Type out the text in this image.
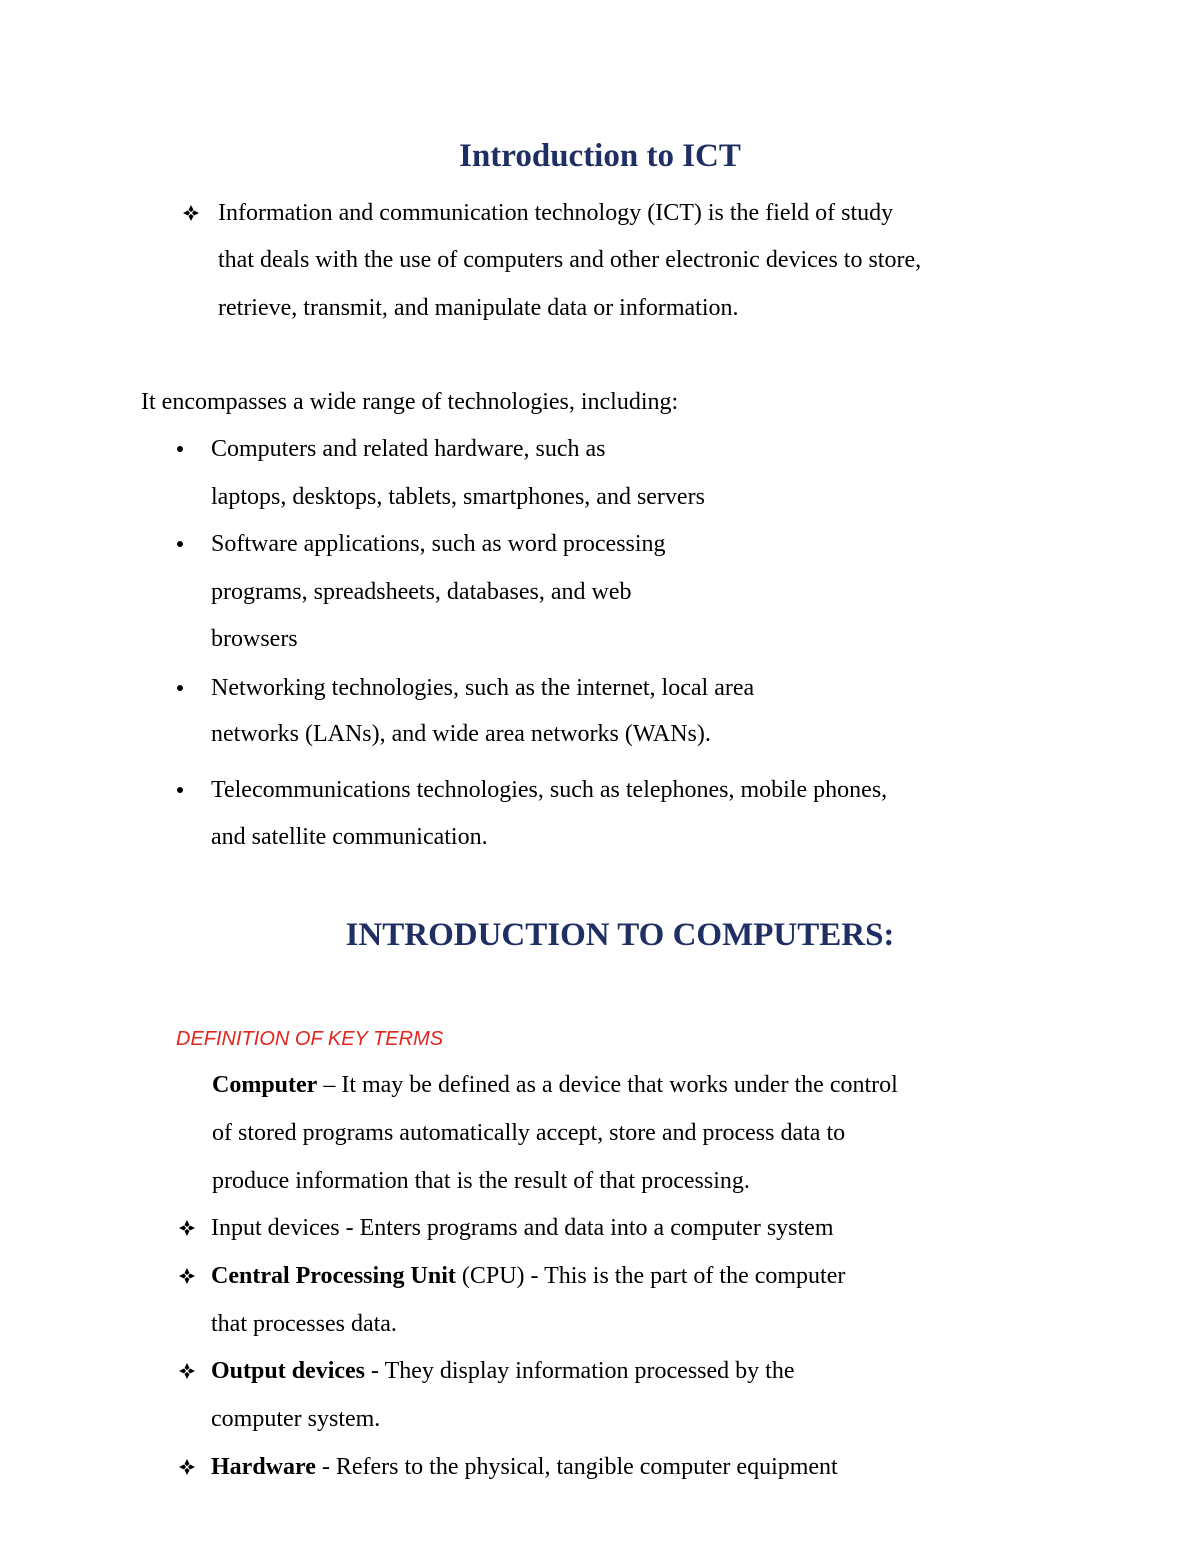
Introduction to ICT
Information and communication technology (ICT) is the field of study
that deals with the use of computers and other electronic devices to store,
retrieve, transmit, and manipulate data or information.
It encompasses a wide range of technologies, including:
Computers and related hardware, such as
laptops, desktops, tablets, smartphones, and servers
Software applications, such as word processing
programs, spreadsheets, databases, and web
browsers
Networking technologies, such as the internet, local area
networks (LANs), and wide area networks (WANs).
Telecommunications technologies, such as telephones, mobile phones,
and satellite communication.
INTRODUCTION TO COMPUTERS:
DEFINITION OF KEY TERMS
Computer – It may be defined as a device that works under the control
of stored programs automatically accept, store and process data to
produce information that is the result of that processing.
Input devices - Enters programs and data into a computer system
Central Processing Unit (CPU) - This is the part of the computer
that processes data.
Output devices - They display information processed by the
computer system.
Hardware - Refers to the physical, tangible computer equipment
